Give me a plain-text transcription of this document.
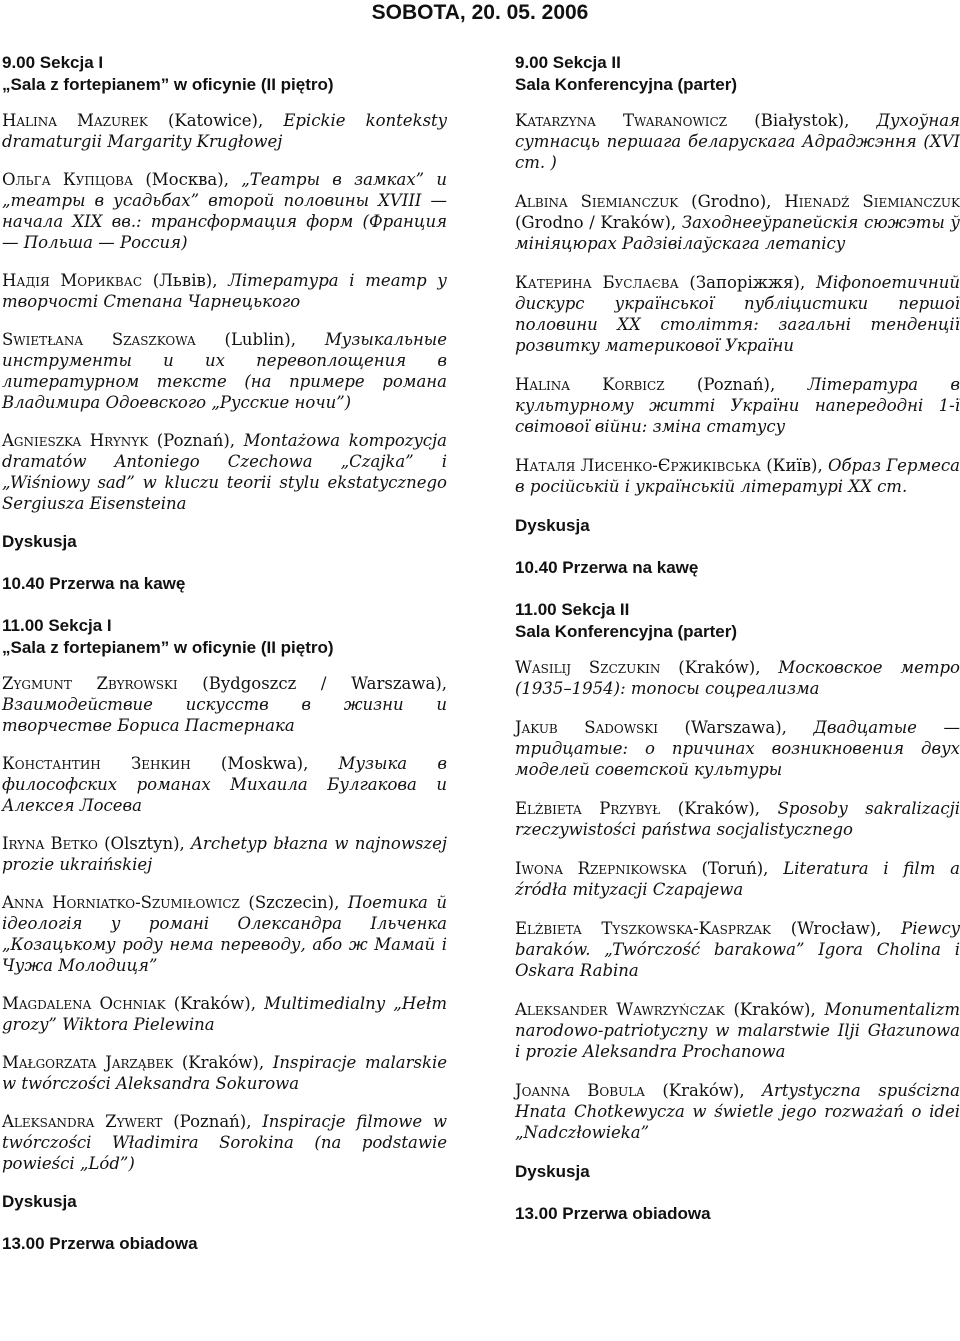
SOBOTA, 20. 05. 2006

9.00 Sekcja I
„Sala z fortepianem” w oficynie (II piętro)

Halina Mazurek (Katowice), Epickie konteksty dramaturgii Margarity Krugłowej

Ольга Купцова (Москва), „Театры в замках” и „театры в усадьбах” второй половины XVIII — начала XIX вв.: трансформация форм (Франция — Польша — Россия)

Надія Мориквас (Львів), Література і театр у творчості Степана Чарнецького

Swietłana Szaszkowa (Lublin), Музыкальные инструменты и их перевоплощения в литературном тексте (на примере романа Владимира Одоевского „Русские ночи”)

Agnieszka Hrynyk (Poznań), Montażowa kompozycja dramatów Antoniego Czechowa „Czajka” i „Wiśniowy sad” w kluczu teorii stylu ekstatycznego Sergiusza Eisensteina

Dyskusja

10.40 Przerwa na kawę

11.00 Sekcja I
„Sala z fortepianem” w oficynie (II piętro)

Zygmunt Zbyrowski (Bydgoszcz / Warszawa), Взаимодействие искусств в жизни и творчестве Бориса Пастернака

Константин Зенкин (Moskwa), Музыка в философских романах Михаила Булгакова и Алексея Лосева

Iryna Betko (Olsztyn), Archetyp błazna w najnowszej prozie ukraińskiej

Anna Horniatko-Szumiłowicz (Szczecin), Поетика й ідеологія у романі Олександра Ільченка „Козацькому роду нема переводу, або ж Мамай і Чужа Молодиця”

Magdalena Ochniak (Kraków), Multimedialny „Hełm grozy” Wiktora Pielewina

Małgorzata Jarząbek (Kraków), Inspiracje malarskie w twórczości Aleksandra Sokurowa

Aleksandra Zywert (Poznań), Inspiracje filmowe w twórczości Władimira Sorokina (na podstawie powieści „Lód”)

Dyskusja

13.00 Przerwa obiadowa

9.00 Sekcja II
Sala Konferencyjna (parter)

Katarzyna Twaranowicz (Białystok), Духоўная сутнасць першага беларускага Адраджэння (XVI ст. )

Albina Siemianczuk (Grodno), Hienadź Siemianczuk (Grodno / Kraków), Заходнееўрапейскія сюжэты ў мініяцюрах Радзівілаўскага летапісу

Катерина Буслаєва (Запоріжжя), Міфопоетичний дискурс української публіцистики першої половини XX століття: загальні тенденції розвитку материкової України

Halina Korbicz (Poznań), Література в культурному житті України напередодні 1-ї світової війни: зміна статусу

Наталя Лисенко-Єржиківська (Київ), Образ Гермеса в російській і українській літературі XX ст.

Dyskusja

10.40 Przerwa na kawę

11.00 Sekcja II
Sala Konferencyjna (parter)

Wasilij Szczukin (Kraków), Московское метро (1935–1954): топосы соцреализма

Jakub Sadowski (Warszawa), Двадцатые — тридцатые: о причинах возникновения двух моделей советской культуры

Elżbieta Przybył (Kraków), Sposoby sakralizacji rzeczywistości państwa socjalistycznego

Iwona Rzepnikowska (Toruń), Literatura i film a źródła mityzacji Czapajewa

Elżbieta Tyszkowska-Kasprzak (Wrocław), Piewcy baraków. „Twórczość barakowa” Igora Cholina i Oskara Rabina

Aleksander Wawrzyńczak (Kraków), Monumentalizm narodowo-patriotyczny w malarstwie Ilji Głazunowa i prozie Aleksandra Prochanowa

Joanna Bobula (Kraków), Artystyczna spuścizna Hnata Chotkewycza w świetle jego rozważań o idei „Nadczłowieka”

Dyskusja

13.00 Przerwa obiadowa
